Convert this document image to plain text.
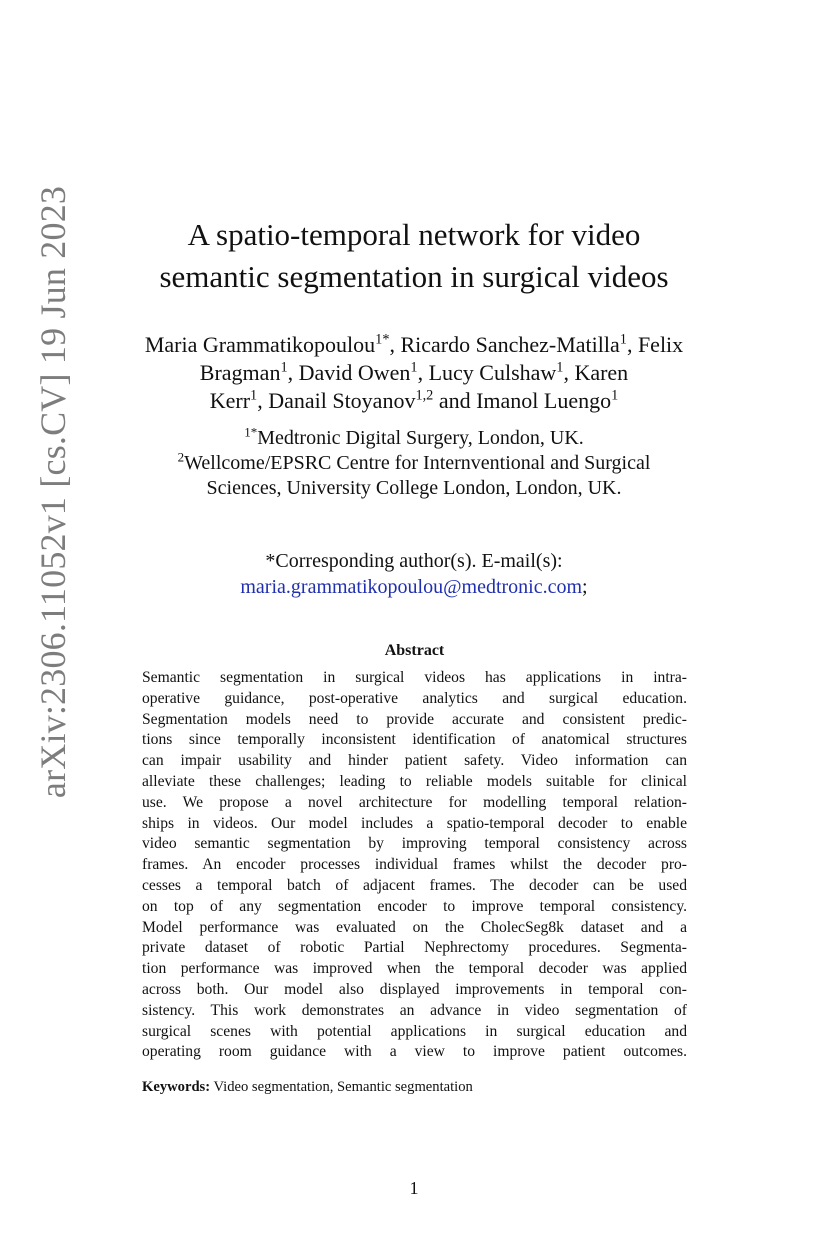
arXiv:2306.11052v1 [cs.CV] 19 Jun 2023	A spatio-temporal network for video
semantic segmentation in surgical videos
Maria Grammatikopoulou$^{1*}$, Ricardo Sanchez-Matilla$^1$, Felix
Bragman$^1$, David Owen$^1$, Lucy Culshaw$^1$, Karen
Kerr$^1$, Danail Stoyanov$^{1,2}$ and Imanol Luengo$^1$
$^{1*}$Medtronic Digital Surgery, London, UK.
$^2$Wellcome/EPSRC Centre for Internventional and Surgical
Sciences, University College London, London, UK.
*Corresponding author(s). E-mail(s):
maria.grammatikopoulou@medtronic.com;
Abstract
Semantic segmentation in surgical videos has applications in intra-
operative guidance, post-operative analytics and surgical education.
Segmentation models need to provide accurate and consistent predic-
tions since temporally inconsistent identification of anatomical structures
can impair usability and hinder patient safety. Video information can
alleviate these challenges; leading to reliable models suitable for clinical
use. We propose a novel architecture for modelling temporal relation-
ships in videos. Our model includes a spatio-temporal decoder to enable
video semantic segmentation by improving temporal consistency across
frames. An encoder processes individual frames whilst the decoder pro-
cesses a temporal batch of adjacent frames. The decoder can be used
on top of any segmentation encoder to improve temporal consistency.
Model performance was evaluated on the CholecSeg8k dataset and a
private dataset of robotic Partial Nephrectomy procedures. Segmenta-
tion performance was improved when the temporal decoder was applied
across both. Our model also displayed improvements in temporal con-
sistency. This work demonstrates an advance in video segmentation of
surgical scenes with potential applications in surgical education and
operating room guidance with a view to improve patient outcomes.
Keywords: Video segmentation, Semantic segmentation
1
